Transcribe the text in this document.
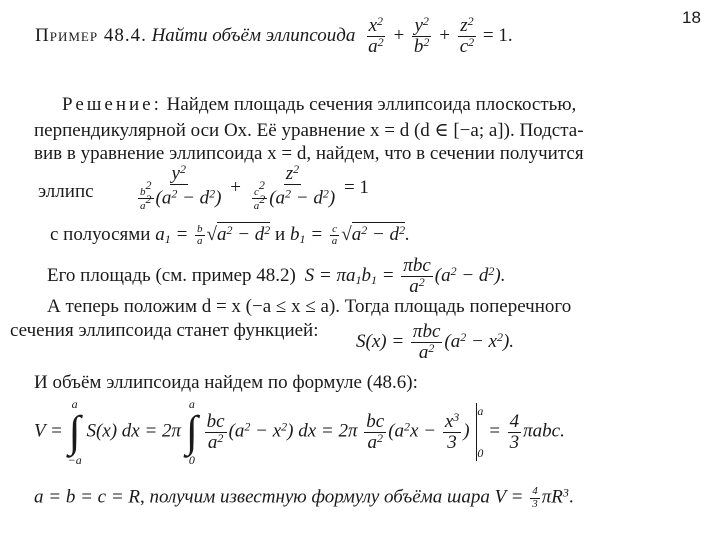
18
Пример 48.4. Найти объём эллипсоида $\frac{x^2}{a^2} + \frac{y^2}{b^2} + \frac{z^2}{c^2} = 1$.
Решение: Найдем площадь сечения эллипсоида плоскостью,
перпендикулярной оси Ox. Её уравнение x = d (d ∈ [−a; a]). Подста-
вив в уравнение эллипсоида x = d, найдем, что в сечении получится
эллипс $\frac{y^2}{\frac{b^2}{a^2} (a^2 - d^2)} + \frac{z^2}{\frac{c^2}{a^2} (a^2 - d^2)} = 1$
с полуосями $a_1 = \frac{b}{a} √a^2 - d^2$ и $b_1 = \frac{c}{a} √a^2 - d^2$.
Его площадь (см. пример 48.2) $S = \pi a_1b_1 = \frac{\text{πbc}}{a^2} (a^2 - d^2)$.
А теперь положим d = x (−a ≤ x ≤ a). Тогда площадь поперечного
сечения эллипсоида станет функцией:
$S(x) = \frac{\text{πbc}}{a^2} (a^2 - x^2)$.
И объём эллипсоида найдем по формуле (48.6):
V =
a
∫
−a
S(x) dx = 2π
a
∫
0

$\frac{bc}{a^2} (a^2 - x^2)$ dx = $2\pi \frac{bc}{a^2} (a^2x - \frac{x^3}{3}$ )
a
0
= $\frac{4}{3} \pi abc$.
a = b = c = R, получим известную формулу объёма шара $V = \frac{4}{3} \pi R^3$.
